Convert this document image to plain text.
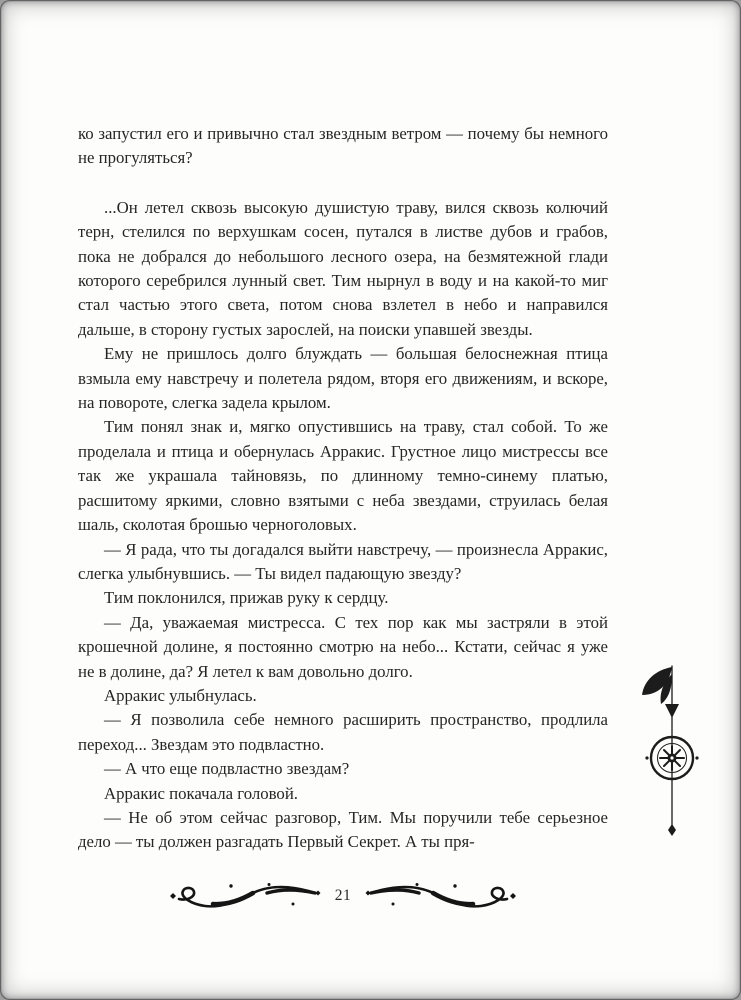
ко запустил его и привычно стал звездным ветром — почему бы немного не прогуляться?

...Он летел сквозь высокую душистую траву, вился сквозь колючий терн, стелился по верхушкам сосен, путался в листве дубов и грабов, пока не добрался до небольшого лесного озера, на безмятежной глади которого серебрился лунный свет. Тим нырнул в воду и на какой-то миг стал частью этого света, потом снова взлетел в небо и направился дальше, в сторону густых зарослей, на поиски упавшей звезды.

Ему не пришлось долго блуждать — большая белоснежная птица взмыла ему навстречу и полетела рядом, вторя его движениям, и вскоре, на повороте, слегка задела крылом.

Тим понял знак и, мягко опустившись на траву, стал собой. То же проделала и птица и обернулась Арракис. Грустное лицо мистрессы все так же украшала тайновязь, по длинному темно-синему платью, расшитому яркими, словно взятыми с неба звездами, струилась белая шаль, сколотая брошью черноголовых.

— Я рада, что ты догадался выйти навстречу, — произнесла Арракис, слегка улыбнувшись. — Ты видел падающую звезду?

Тим поклонился, прижав руку к сердцу.

— Да, уважаемая мистресса. С тех пор как мы застряли в этой крошечной долине, я постоянно смотрю на небо... Кстати, сейчас я уже не в долине, да? Я летел к вам довольно долго.

Арракис улыбнулась.

— Я позволила себе немного расширить пространство, продлила переход... Звездам это подвластно.

— А что еще подвластно звездам?

Арракис покачала головой.

— Не об этом сейчас разговор, Тим. Мы поручили тебе серьезное дело — ты должен разгадать Первый Секрет. А ты пря-

21
